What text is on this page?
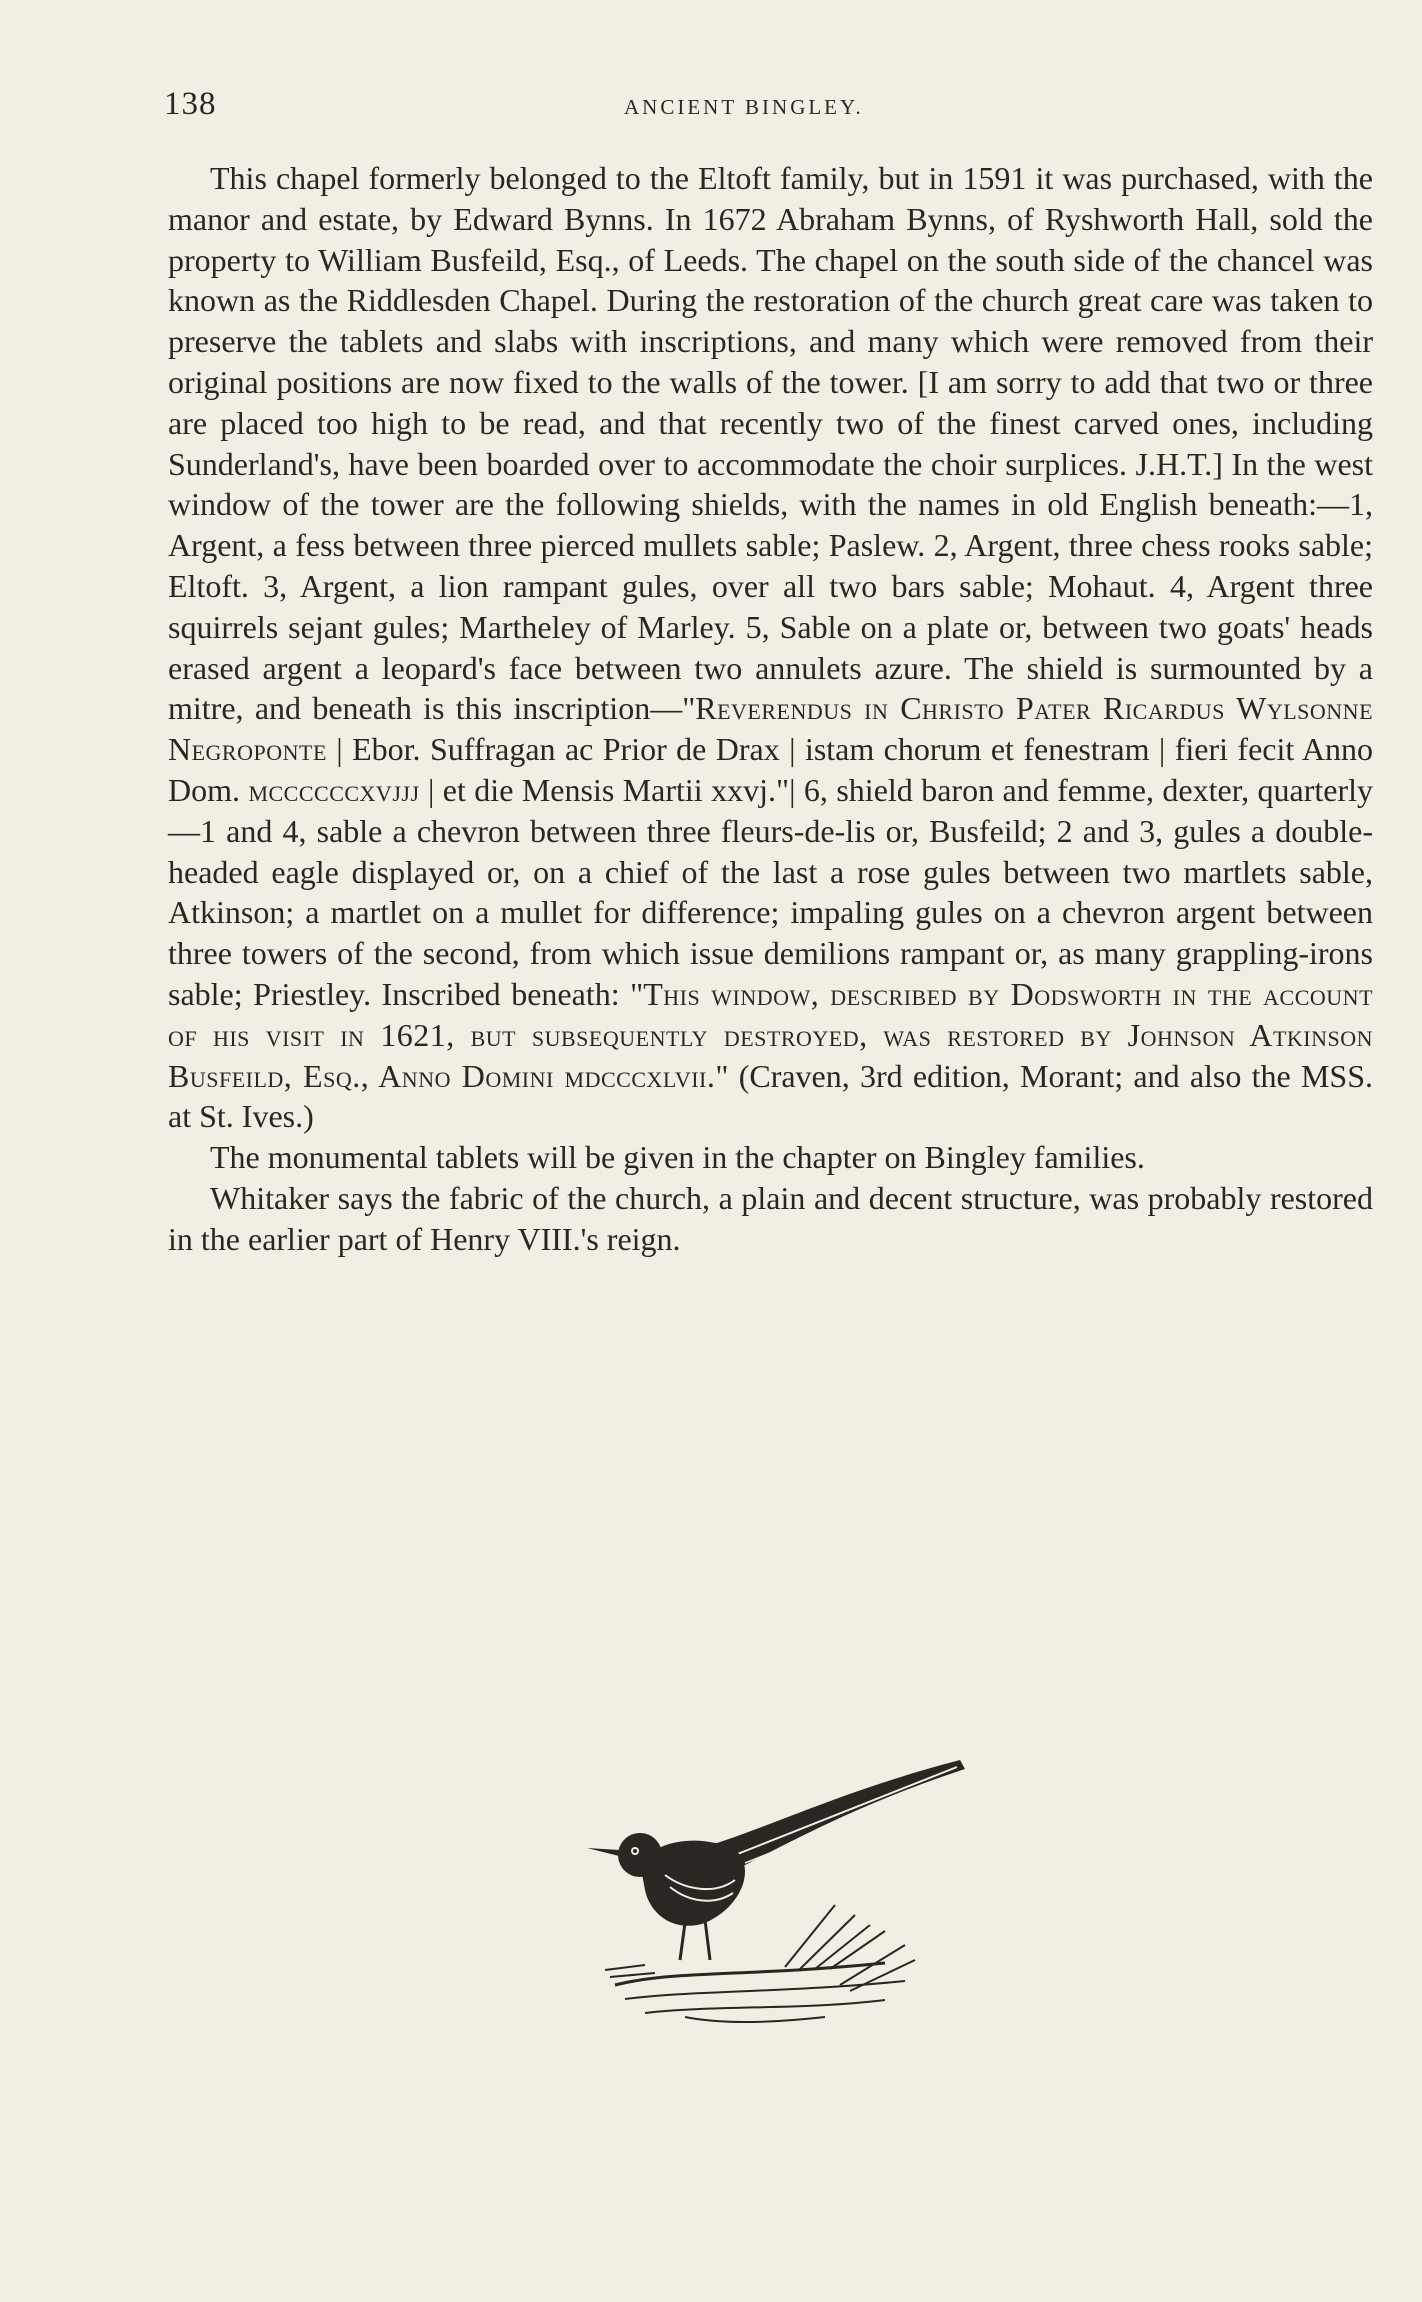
138	ANCIENT BINGLEY.

This chapel formerly belonged to the Eltoft family, but in 1591 it was purchased, with the manor and estate, by Edward Bynns. In 1672 Abraham Bynns, of Ryshworth Hall, sold the property to William Busfeild, Esq., of Leeds. The chapel on the south side of the chancel was known as the Riddlesden Chapel. During the restoration of the church great care was taken to preserve the tablets and slabs with inscriptions, and many which were removed from their original positions are now fixed to the walls of the tower. [I am sorry to add that two or three are placed too high to be read, and that recently two of the finest carved ones, including Sunderland's, have been boarded over to accommodate the choir surplices. J.H.T.] In the west window of the tower are the following shields, with the names in old English beneath:—1, Argent, a fess between three pierced mullets sable; Paslew. 2, Argent, three chess rooks sable; Eltoft. 3, Argent, a lion rampant gules, over all two bars sable; Mohaut. 4, Argent three squirrels sejant gules; Martheley of Marley. 5, Sable on a plate or, between two goats' heads erased argent a leopard's face between two annulets azure. The shield is surmounted by a mitre, and beneath is this inscription—"Reverendus in Christo Pater Ricardus Wylsonne Negroponte | Ebor. Suffragan ac Prior de Drax | istam chorum et fenestram | fieri fecit Anno Dom. mccccccxvjjj | et die Mensis Martii xxvj."| 6, shield baron and femme, dexter, quarterly—1 and 4, sable a chevron between three fleurs-de-lis or, Busfeild; 2 and 3, gules a double-headed eagle displayed or, on a chief of the last a rose gules between two martlets sable, Atkinson; a martlet on a mullet for difference; impaling gules on a chevron argent between three towers of the second, from which issue demilions rampant or, as many grappling-irons sable; Priestley. Inscribed beneath: "This window, described by Dodsworth in the account of his visit in 1621, but subsequently destroyed, was restored by Johnson Atkinson Busfeild, Esq., Anno Domini mdcccxlvii." (Craven, 3rd edition, Morant; and also the MSS. at St. Ives.)

The monumental tablets will be given in the chapter on Bingley families.

Whitaker says the fabric of the church, a plain and decent structure, was probably restored in the earlier part of Henry VIII.'s reign.
